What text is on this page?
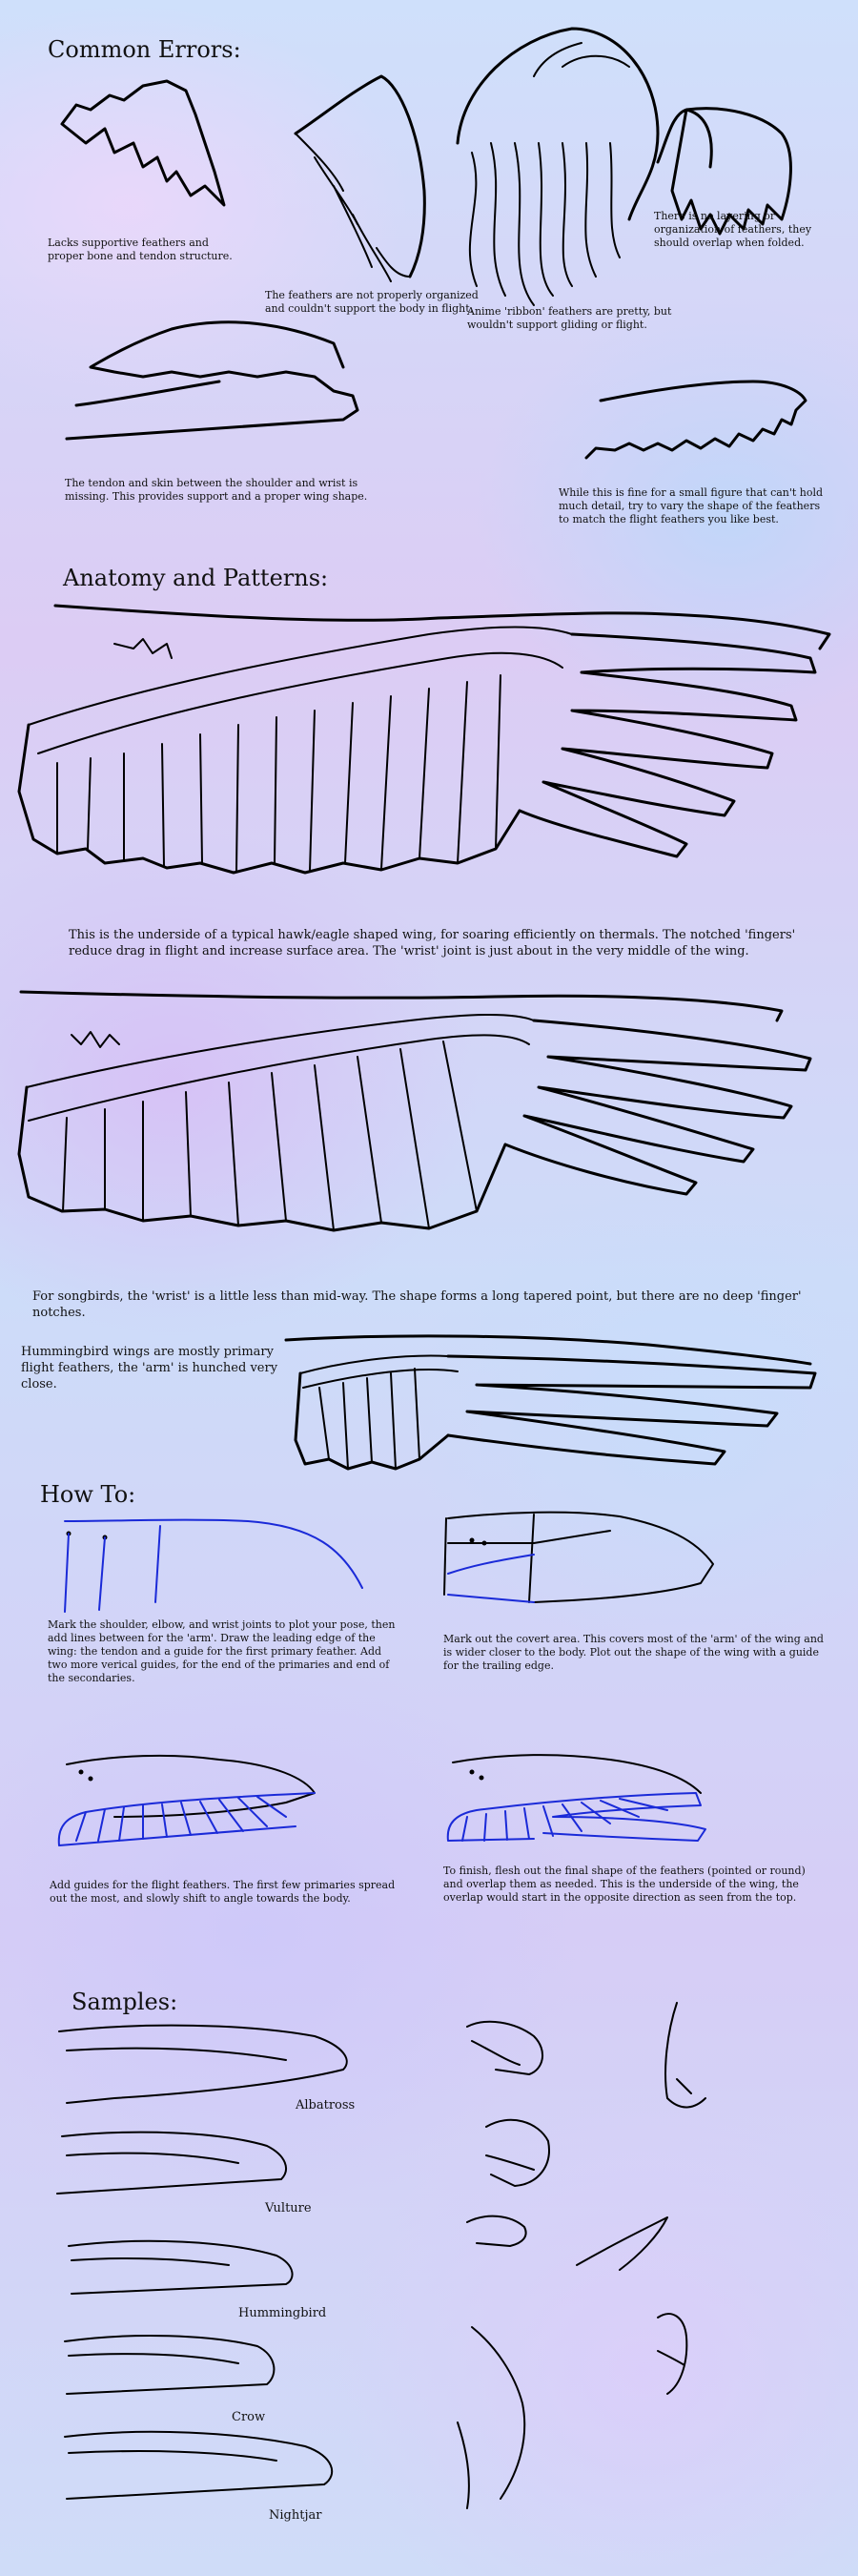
Common Errors:

Lacks supportive feathers and proper bone and tendon structure.

The feathers are not properly organized and couldn't support the body in flight.

Anime 'ribbon' feathers are pretty, but wouldn't support gliding or flight.

There is no layering or organization of feathers, they should overlap when folded.

The tendon and skin between the shoulder and wrist is missing. This provides support and a proper wing shape.	While this is fine for a small figure that can't hold much detail, try to vary the shape of the feathers to match the flight feathers you like best.

Anatomy and Patterns:

This is the underside of a typical hawk/eagle shaped wing, for soaring efficiently on thermals. The notched 'fingers' reduce drag in flight and increase surface area. The 'wrist' joint is just about in the very middle of the wing.

For songbirds, the 'wrist' is a little less than mid-way. The shape forms a long tapered point, but there are no deep 'finger' notches.

Hummingbird wings are mostly primary flight feathers, the 'arm' is hunched very close.

How To:

Mark the shoulder, elbow, and wrist joints to plot your pose, then add lines between for the 'arm'. Draw the leading edge of the wing: the tendon and a guide for the first primary feather. Add two more verical guides, for the end of the primaries and end of the secondaries.

Mark out the covert area. This covers most of the 'arm' of the wing and is wider closer to the body. Plot out the shape of the wing with a guide for the trailing edge.

Add guides for the flight feathers. The first few primaries spread out the most, and slowly shift to angle towards the body.

To finish, flesh out the final shape of the feathers (pointed or round) and overlap them as needed. This is the underside of the wing, the overlap would start in the opposite direction as seen from the top.

Samples:

Albatross

Vulture

Hummingbird

Crow

Nightjar
